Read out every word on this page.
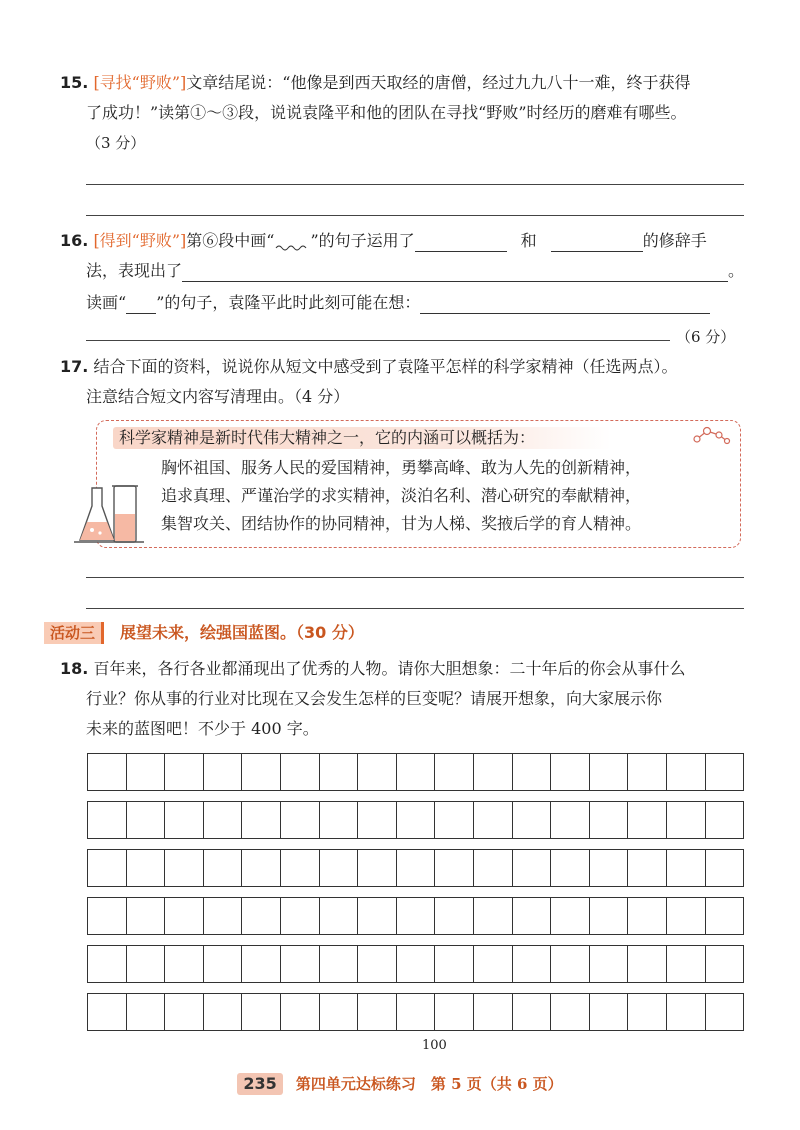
15. [寻找“野败”]文章结尾说：“他像是到西天取经的唐僧，经过九九八十一难，终于获得
了成功！”读第①～③段，说说袁隆平和他的团队在寻找“野败”时经历的磨难有哪些。
（3 分）
16. [得到“野败”]第⑥段中画“ ”的句子运用了	和	的修辞手
法，表现出了	。
读画“ ”的句子，袁隆平此时此刻可能在想：
（6 分）
17. 结合下面的资料，说说你从短文中感受到了袁隆平怎样的科学家精神（任选两点）。
注意结合短文内容写清理由。（4 分）
科学家精神是新时代伟大精神之一，它的内涵可以概括为：
胸怀祖国、服务人民的爱国精神，勇攀高峰、敢为人先的创新精神，
追求真理、严谨治学的求实精神，淡泊名利、潜心研究的奉献精神，
集智攻关、团结协作的协同精神，甘为人梯、奖掖后学的育人精神。
活动三	展望未来，绘强国蓝图。（30 分）
18. 百年来，各行各业都涌现出了优秀的人物。请你大胆想象：二十年后的你会从事什么
行业？你从事的行业对比现在又会发生怎样的巨变呢？请展开想象，向大家展示你
未来的蓝图吧！不少于 400 字。
100
235 第四单元达标练习　第 5 页（共 6 页）
